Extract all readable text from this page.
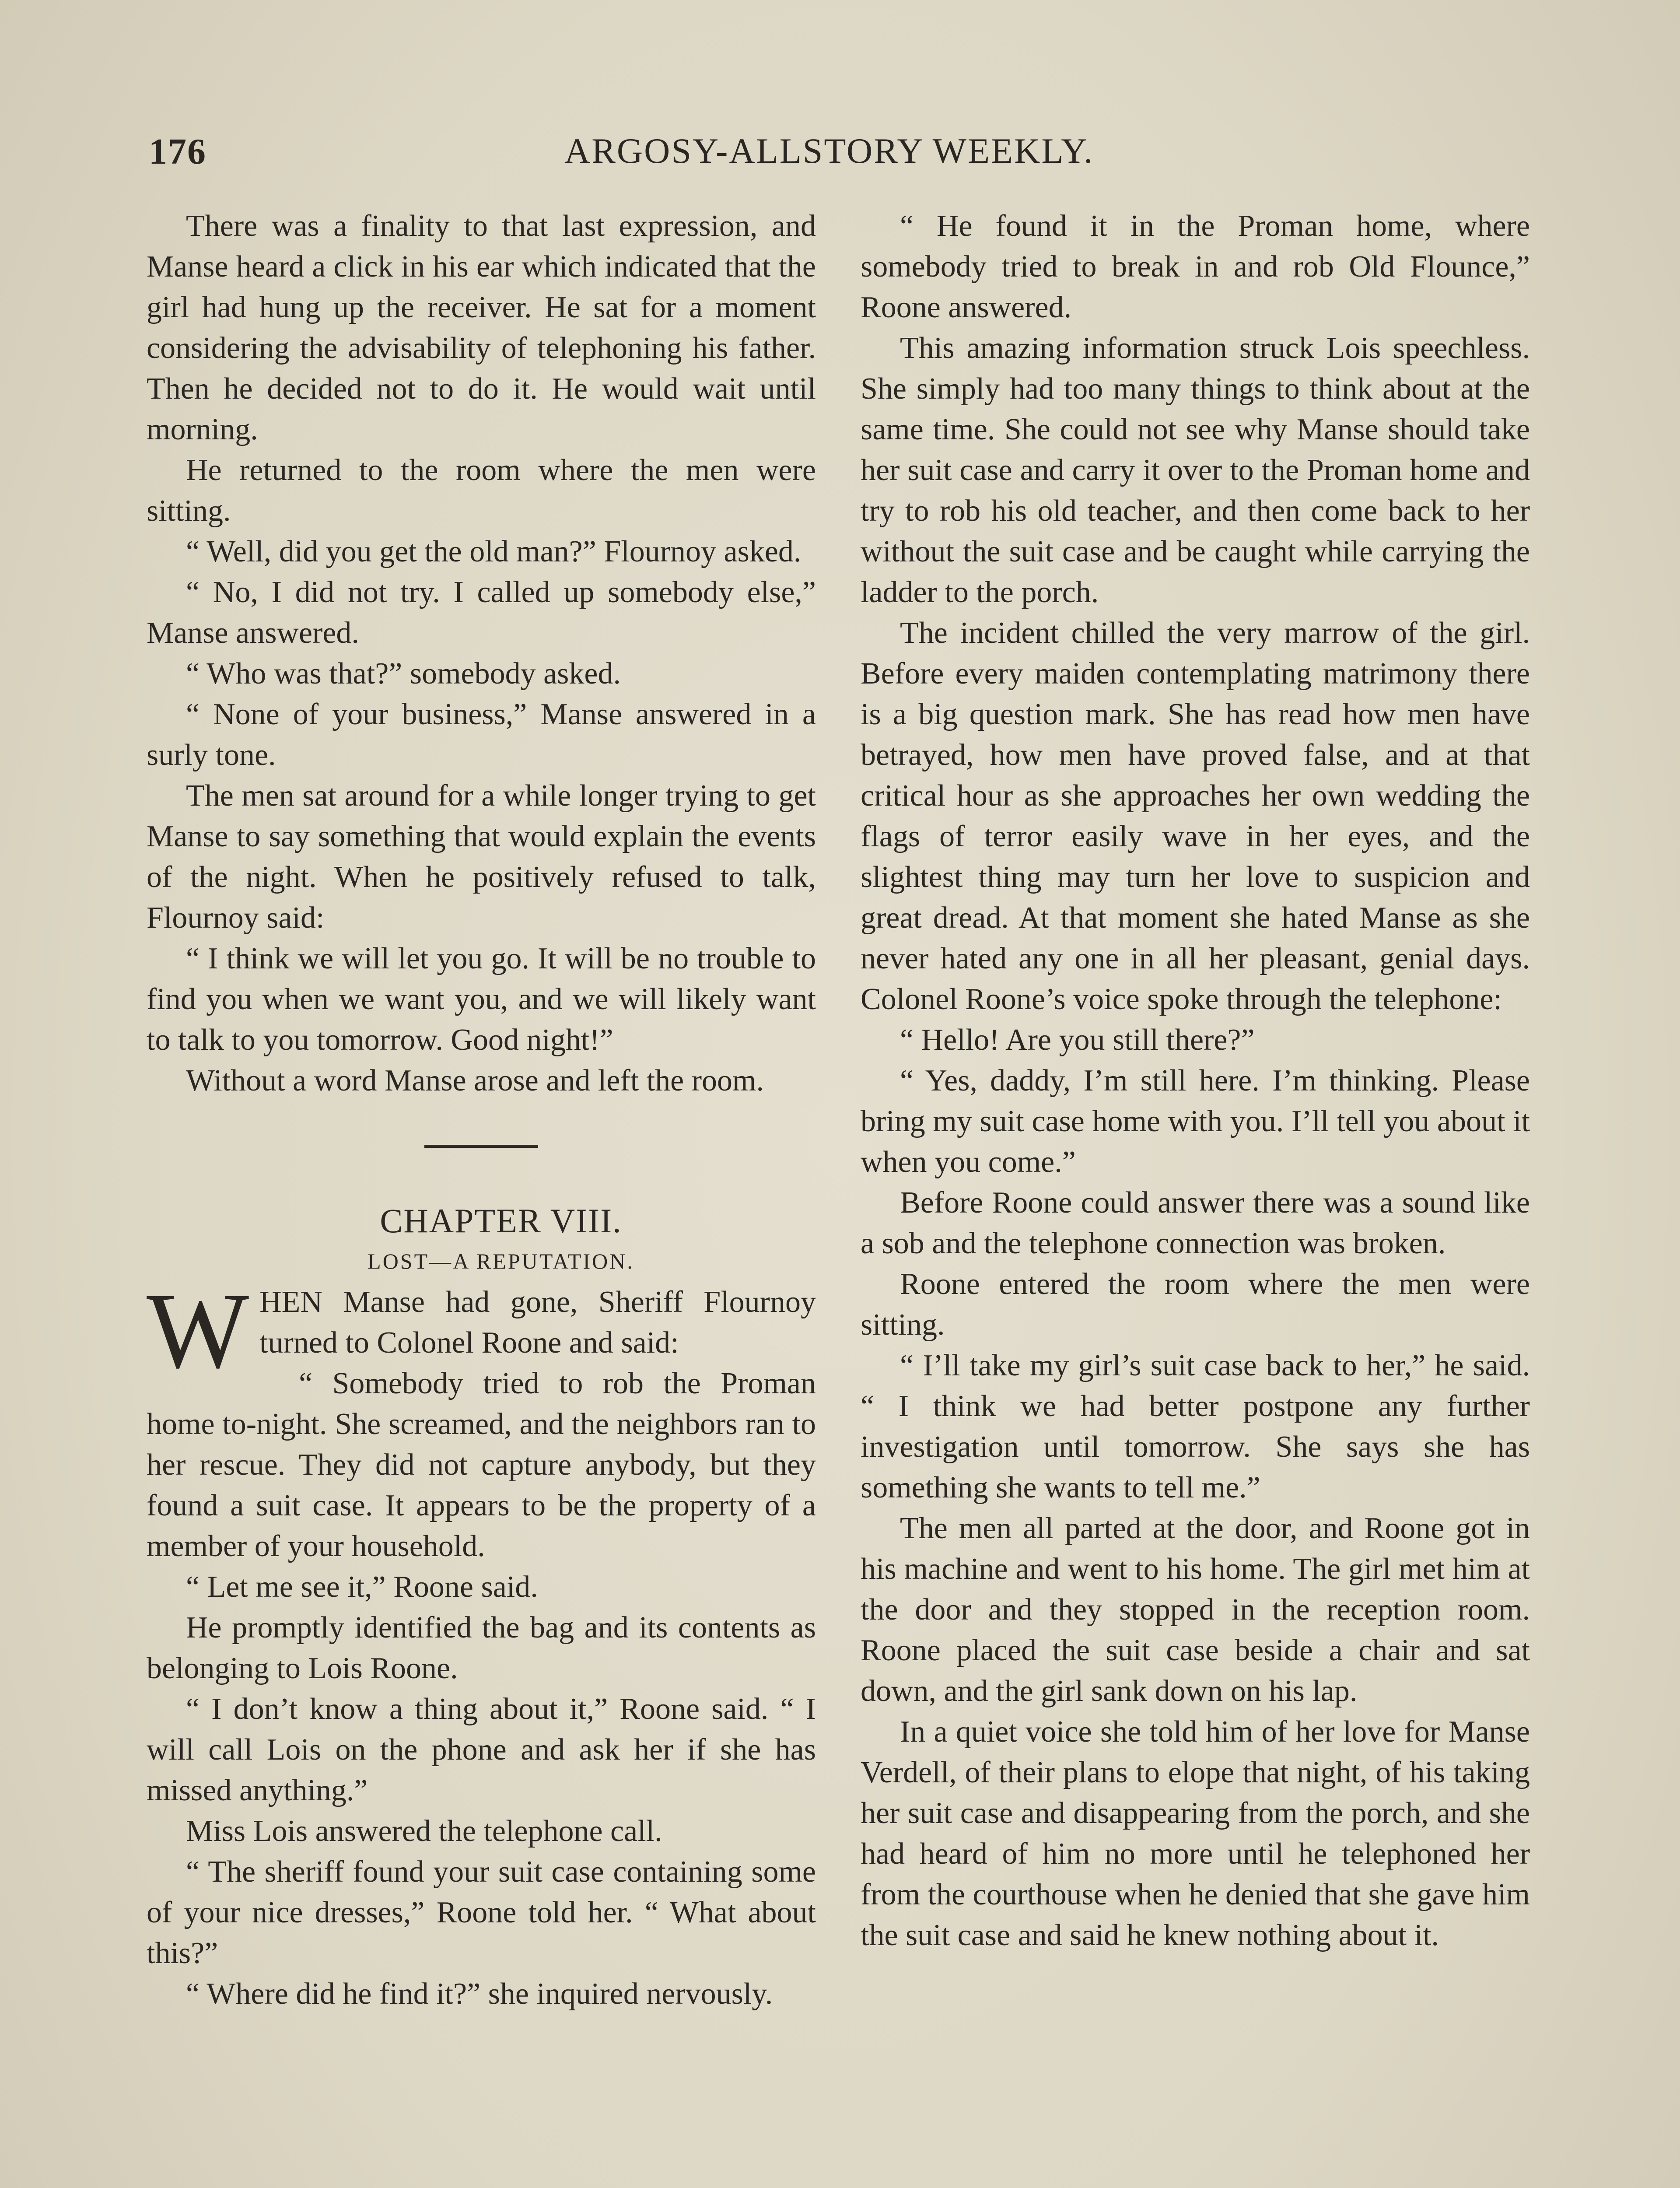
176	ARGOSY-ALLSTORY WEEKLY.

There was a finality to that last expression, and Manse heard a click in his ear which indicated that the girl had hung up the receiver. He sat for a moment considering the advisability of telephoning his father. Then he decided not to do it. He would wait until morning.

He returned to the room where the men were sitting.

“ Well, did you get the old man?” Flournoy asked.

“ No, I did not try. I called up somebody else,” Manse answered.

“ Who was that?” somebody asked.

“ None of your business,” Manse answered in a surly tone.

The men sat around for a while longer trying to get Manse to say something that would explain the events of the night. When he positively refused to talk, Flournoy said:

“ I think we will let you go. It will be no trouble to find you when we want you, and we will likely want to talk to you tomorrow. Good night!”

Without a word Manse arose and left the room.

CHAPTER VIII.

LOST—A REPUTATION.

WHEN Manse had gone, Sheriff Flournoy turned to Colonel Roone and said:

“ Somebody tried to rob the Proman home to-night. She screamed, and the neighbors ran to her rescue. They did not capture anybody, but they found a suit case. It appears to be the property of a member of your household.

“ Let me see it,” Roone said.

He promptly identified the bag and its contents as belonging to Lois Roone.

“ I don’t know a thing about it,” Roone said. “ I will call Lois on the phone and ask her if she has missed anything.”

Miss Lois answered the telephone call.

“ The sheriff found your suit case containing some of your nice dresses,” Roone told her. “ What about this?”

“ Where did he find it?” she inquired nervously.

“ He found it in the Proman home, where somebody tried to break in and rob Old Flounce,” Roone answered.

This amazing information struck Lois speechless. She simply had too many things to think about at the same time. She could not see why Manse should take her suit case and carry it over to the Proman home and try to rob his old teacher, and then come back to her without the suit case and be caught while carrying the ladder to the porch.

The incident chilled the very marrow of the girl. Before every maiden contemplating matrimony there is a big question mark. She has read how men have betrayed, how men have proved false, and at that critical hour as she approaches her own wedding the flags of terror easily wave in her eyes, and the slightest thing may turn her love to suspicion and great dread. At that moment she hated Manse as she never hated any one in all her pleasant, genial days. Colonel Roone’s voice spoke through the telephone:

“ Hello! Are you still there?”

“ Yes, daddy, I’m still here. I’m thinking. Please bring my suit case home with you. I’ll tell you about it when you come.”

Before Roone could answer there was a sound like a sob and the telephone connection was broken.

Roone entered the room where the men were sitting.

“ I’ll take my girl’s suit case back to her,” he said. “ I think we had better postpone any further investigation until tomorrow. She says she has something she wants to tell me.”

The men all parted at the door, and Roone got in his machine and went to his home. The girl met him at the door and they stopped in the reception room. Roone placed the suit case beside a chair and sat down, and the girl sank down on his lap.

In a quiet voice she told him of her love for Manse Verdell, of their plans to elope that night, of his taking her suit case and disappearing from the porch, and she had heard of him no more until he telephoned her from the courthouse when he denied that she gave him the suit case and said he knew nothing about it.
